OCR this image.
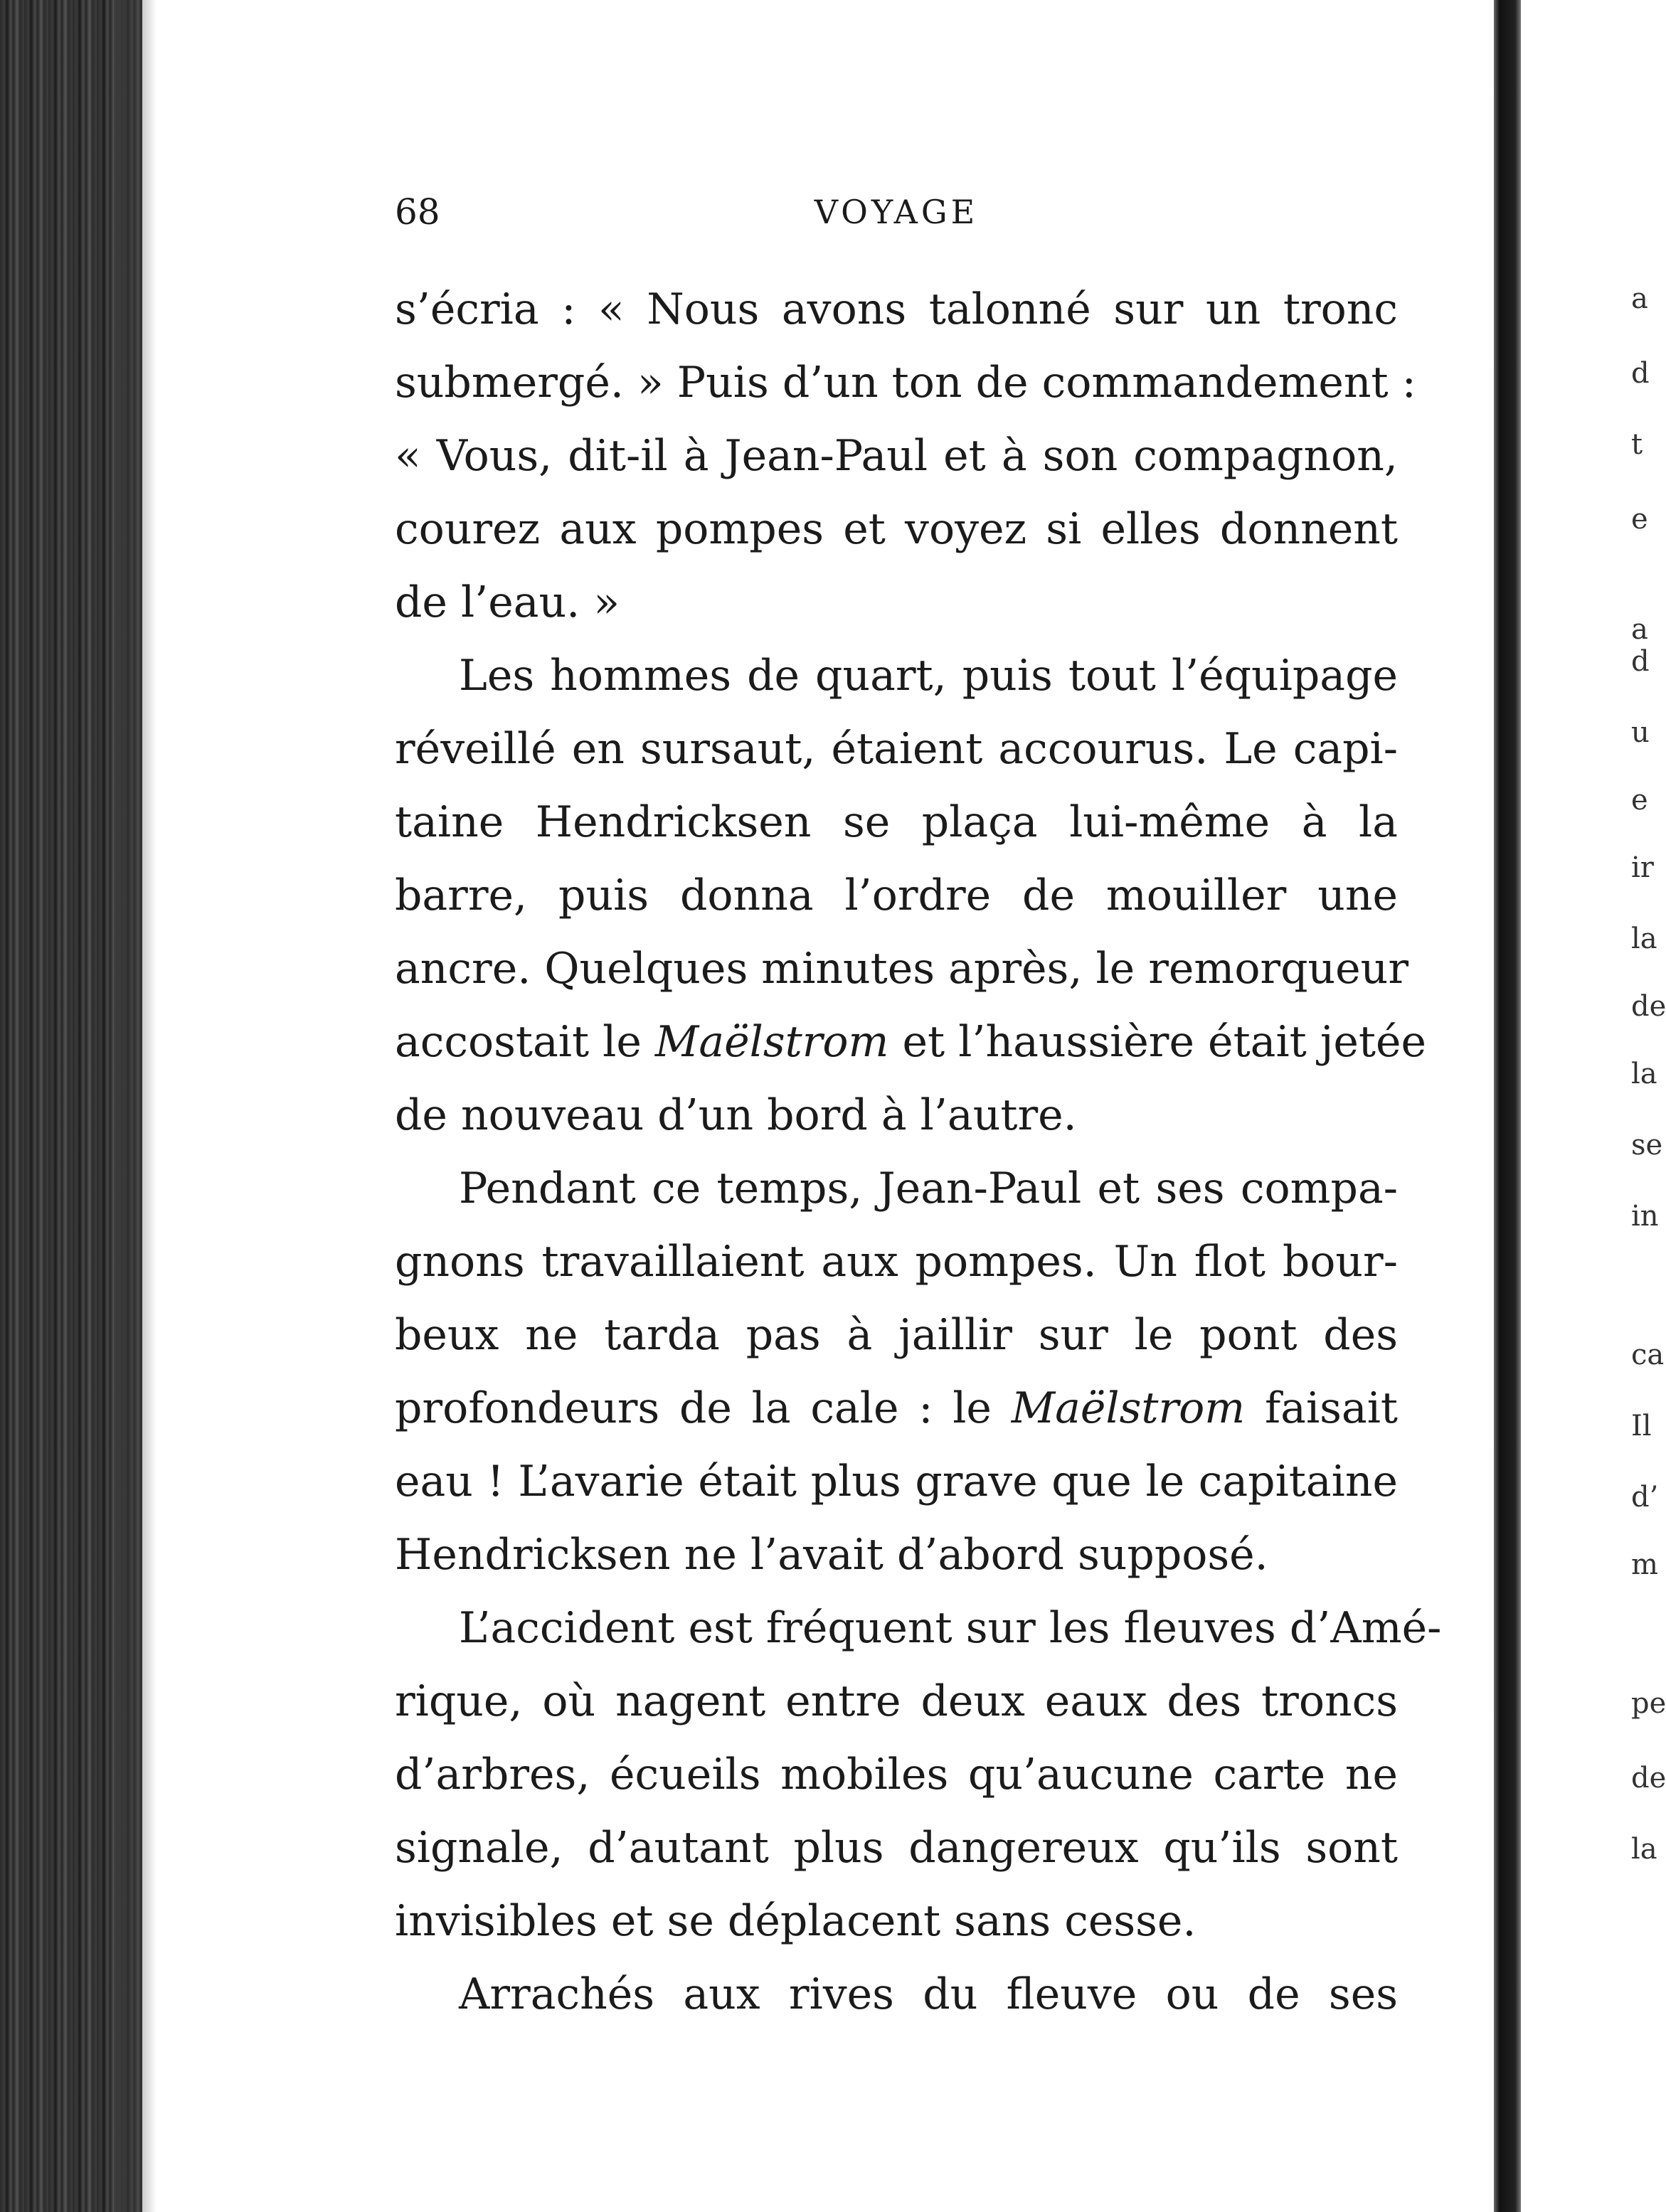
68	VOYAGE
s’écria : « Nous avons talonné sur un tronc
submergé. » Puis d’un ton de commandement :
« Vous, dit-il à Jean-Paul et à son compagnon,
courez aux pompes et voyez si elles donnent
de l’eau. »
Les hommes de quart, puis tout l’équipage
réveillé en sursaut, étaient accourus. Le capi-
taine Hendricksen se plaça lui-même à la
barre, puis donna l’ordre de mouiller une
ancre. Quelques minutes après, le remorqueur
accostait le Maëlstrom et l’haussière était jetée
de nouveau d’un bord à l’autre.
Pendant ce temps, Jean-Paul et ses compa-
gnons travaillaient aux pompes. Un flot bour-
beux ne tarda pas à jaillir sur le pont des
profondeurs de la cale : le Maëlstrom faisait
eau ! L’avarie était plus grave que le capitaine
Hendricksen ne l’avait d’abord supposé.
L’accident est fréquent sur les fleuves d’Amé-
rique, où nagent entre deux eaux des troncs
d’arbres, écueils mobiles qu’aucune carte ne
signale, d’autant plus dangereux qu’ils sont
invisibles et se déplacent sans cesse.
Arrachés aux rives du fleuve ou de ses
a
d
t
e
a
d
u
e
ir
la
de
la
se
in
ca
Il
d’
m
pe
de
la
